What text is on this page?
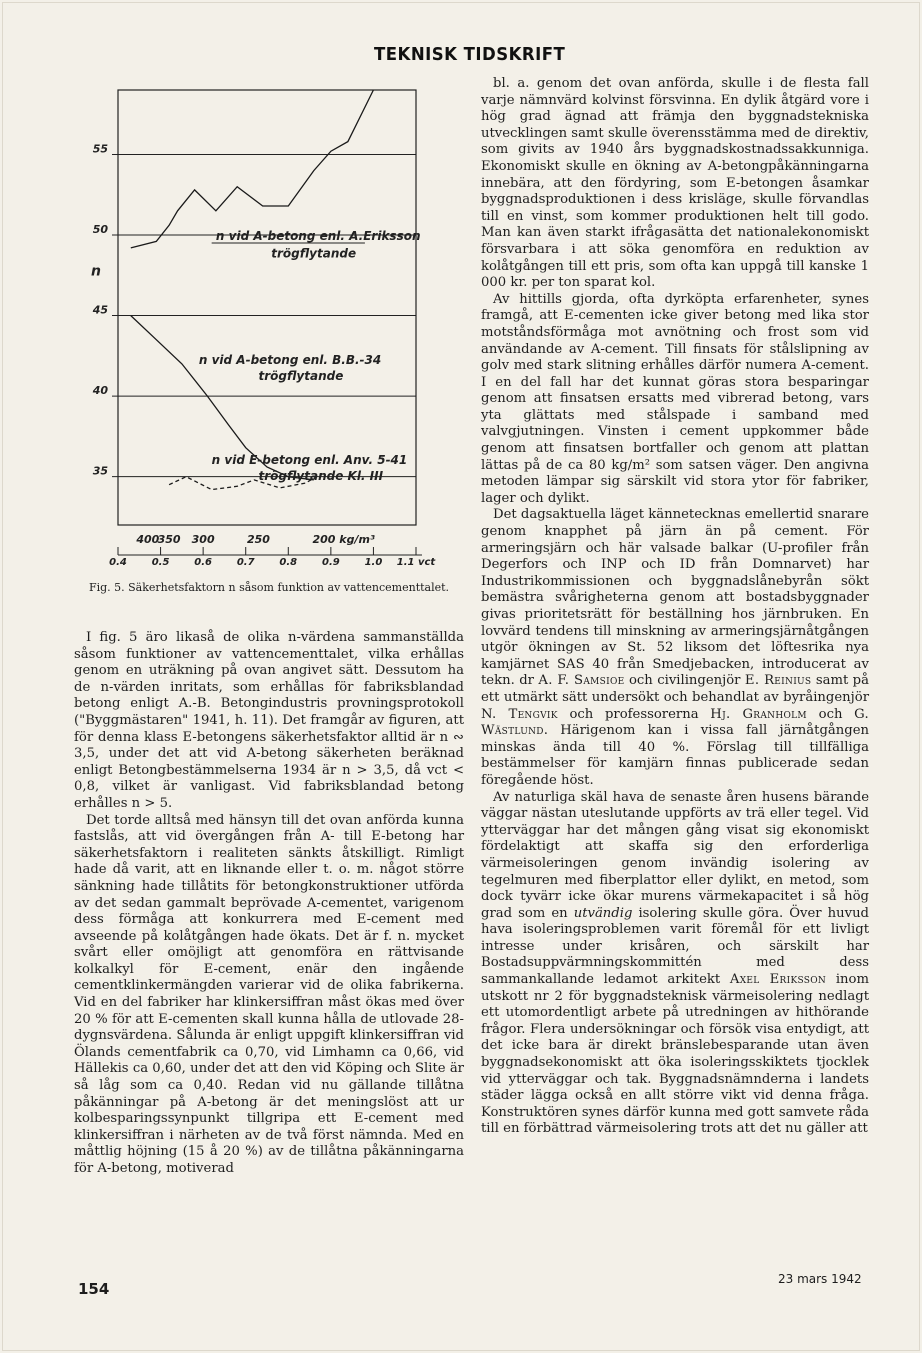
TEKNISK TIDSKRIFT
35
40
45
50
55
n
0.4 0.5 0.6 0.7 0.8 0.9 1.0 1.1 vct
400
350 300	250	200 kg/m³
n vid A-betong enl. A.Eriksson
trögflytande
n vid A-betong enl. B.B.-34
trögflytande
n vid E-betong enl. Anv. 5-41
trögflytande Kl. III
Fig. 5. Säkerhetsfaktorn n såsom funktion av vattencementtalet.

I fig. 5 äro likaså de olika n-värdena sammanställda såsom funktioner av vattencementtalet, vilka erhållas genom en uträkning på ovan angivet sätt. Dessutom ha de n-värden inritats, som erhållas för fabriksblandad betong enligt A.-B. Betongindustris provningsprotokoll ("Byggmästaren" 1941, h. 11). Det framgår av figuren, att för denna klass E-betongens säkerhetsfaktor alltid är n ∾ 3,5, under det att vid A-betong säkerheten beräknad enligt Betongbestämmelserna 1934 är n > 3,5, då vct < 0,8, vilket är vanligast. Vid fabriksblandad betong erhålles n > 5.

Det torde alltså med hänsyn till det ovan anförda kunna fastslås, att vid övergången från A- till E-betong har säkerhetsfaktorn i realiteten sänkts åtskilligt. Rimligt hade då varit, att en liknande eller t. o. m. något större sänkning hade tillåtits för betongkonstruktioner utförda av det sedan gammalt beprövade A-cementet, varigenom dess förmåga att konkurrera med E-cement med avseende på kolåtgången hade ökats. Det är f. n. mycket svårt eller omöjligt att genomföra en rättvisande kolkalkyl för E-cement, enär den ingående cementklinkermängden varierar vid de olika fabrikerna. Vid en del fabriker har klinkersiffran måst ökas med över 20 % för att E-cementen skall kunna hålla de utlovade 28-dygnsvärdena. Sålunda är enligt uppgift klinkersiffran vid Ölands cementfabrik ca 0,70, vid Limhamn ca 0,66, vid Hällekis ca 0,60, under det att den vid Köping och Slite är så låg som ca 0,40. Redan vid nu gällande tillåtna påkänningar på A-betong är det meningslöst att ur kolbesparingssynpunkt tillgripa ett E-cement med klinkersiffran i närheten av de två först nämnda. Med en måttlig höjning (15 å 20 %) av de tillåtna påkänningarna för A-betong, motiverad

bl. a. genom det ovan anförda, skulle i de flesta fall varje nämnvärd kolvinst försvinna. En dylik åtgärd vore i hög grad ägnad att främja den byggnadstekniska utvecklingen samt skulle överensstämma med de direktiv, som givits av 1940 års byggnadskostnadssakkunniga. Ekonomiskt skulle en ökning av A-betongpåkänningarna innebära, att den fördyring, som E-betongen åsamkar byggnadsproduktionen i dess krisläge, skulle förvandlas till en vinst, som kommer produktionen helt till godo. Man kan även starkt ifrågasätta det nationalekonomiskt försvarbara i att söka genomföra en reduktion av kolåtgången till ett pris, som ofta kan uppgå till kanske 1 000 kr. per ton sparat kol.

Av hittills gjorda, ofta dyrköpta erfarenheter, synes framgå, att E-cementen icke giver betong med lika stor motståndsförmåga mot avnötning och frost som vid användande av A-cement. Till finsats för stålslipning av golv med stark slitning erhålles därför numera A-cement. I en del fall har det kunnat göras stora besparingar genom att finsatsen ersatts med vibrerad betong, vars yta glättats med stålspade i samband med valvgjutningen. Vinsten i cement uppkommer både genom att finsatsen bortfaller och genom att plattan lättas på de ca 80 kg/m² som satsen väger. Den angivna metoden lämpar sig särskilt vid stora ytor för fabriker, lager och dylikt.

Det dagsaktuella läget kännetecknas emellertid snarare genom knapphet på järn än på cement. För armeringsjärn och här valsade balkar (U-profiler från Degerfors och INP och ID från Domnarvet) har Industrikommissionen och byggnadslånebyrån sökt bemästra svårigheterna genom att bostadsbyggnader givas prioritetsrätt för beställning hos järnbruken. En lovvärd tendens till minskning av armeringsjärnåtgången utgör ökningen av St. 52 liksom det löftesrika nya kamjärnet SAS 40 från Smedjebacken, introducerat av tekn. dr A. F. Samsioe och civilingenjör E. Reinius samt på ett utmärkt sätt undersökt och behandlat av byråingenjör N. Tengvik och professorerna Hj. Granholm och G. Wästlund. Härigenom kan i vissa fall järnåtgången minskas ända till 40 %. Förslag till tillfälliga bestämmelser för kamjärn finnas publicerade sedan föregående höst.

Av naturliga skäl hava de senaste åren husens bärande väggar nästan uteslutande uppförts av trä eller tegel. Vid ytterväggar har det mången gång visat sig ekonomiskt fördelaktigt att skaffa sig den erforderliga värmeisoleringen genom invändig isolering av tegelmuren med fiberplattor eller dylikt, en metod, som dock tyvärr icke ökar murens värmekapacitet i så hög grad som en utvändig isolering skulle göra. Över huvud hava isoleringsproblemen varit föremål för ett livligt intresse under krisåren, och särskilt har Bostadsuppvärmningskommittén med dess sammankallande ledamot arkitekt Axel Eriksson inom utskott nr 2 för byggnadsteknisk värmeisolering nedlagt ett utomordentligt arbete på utredningen av hithörande frågor. Flera undersökningar och försök visa entydigt, att det icke bara är direkt bränslebesparande utan även byggnadsekonomiskt att öka isoleringsskiktets tjocklek vid ytterväggar och tak. Byggnadsnämnderna i landets städer lägga också en allt större vikt vid denna fråga. Konstruktören synes därför kunna med gott samvete råda till en förbättrad värmeisolering trots att det nu gäller att

154
23 mars 1942
